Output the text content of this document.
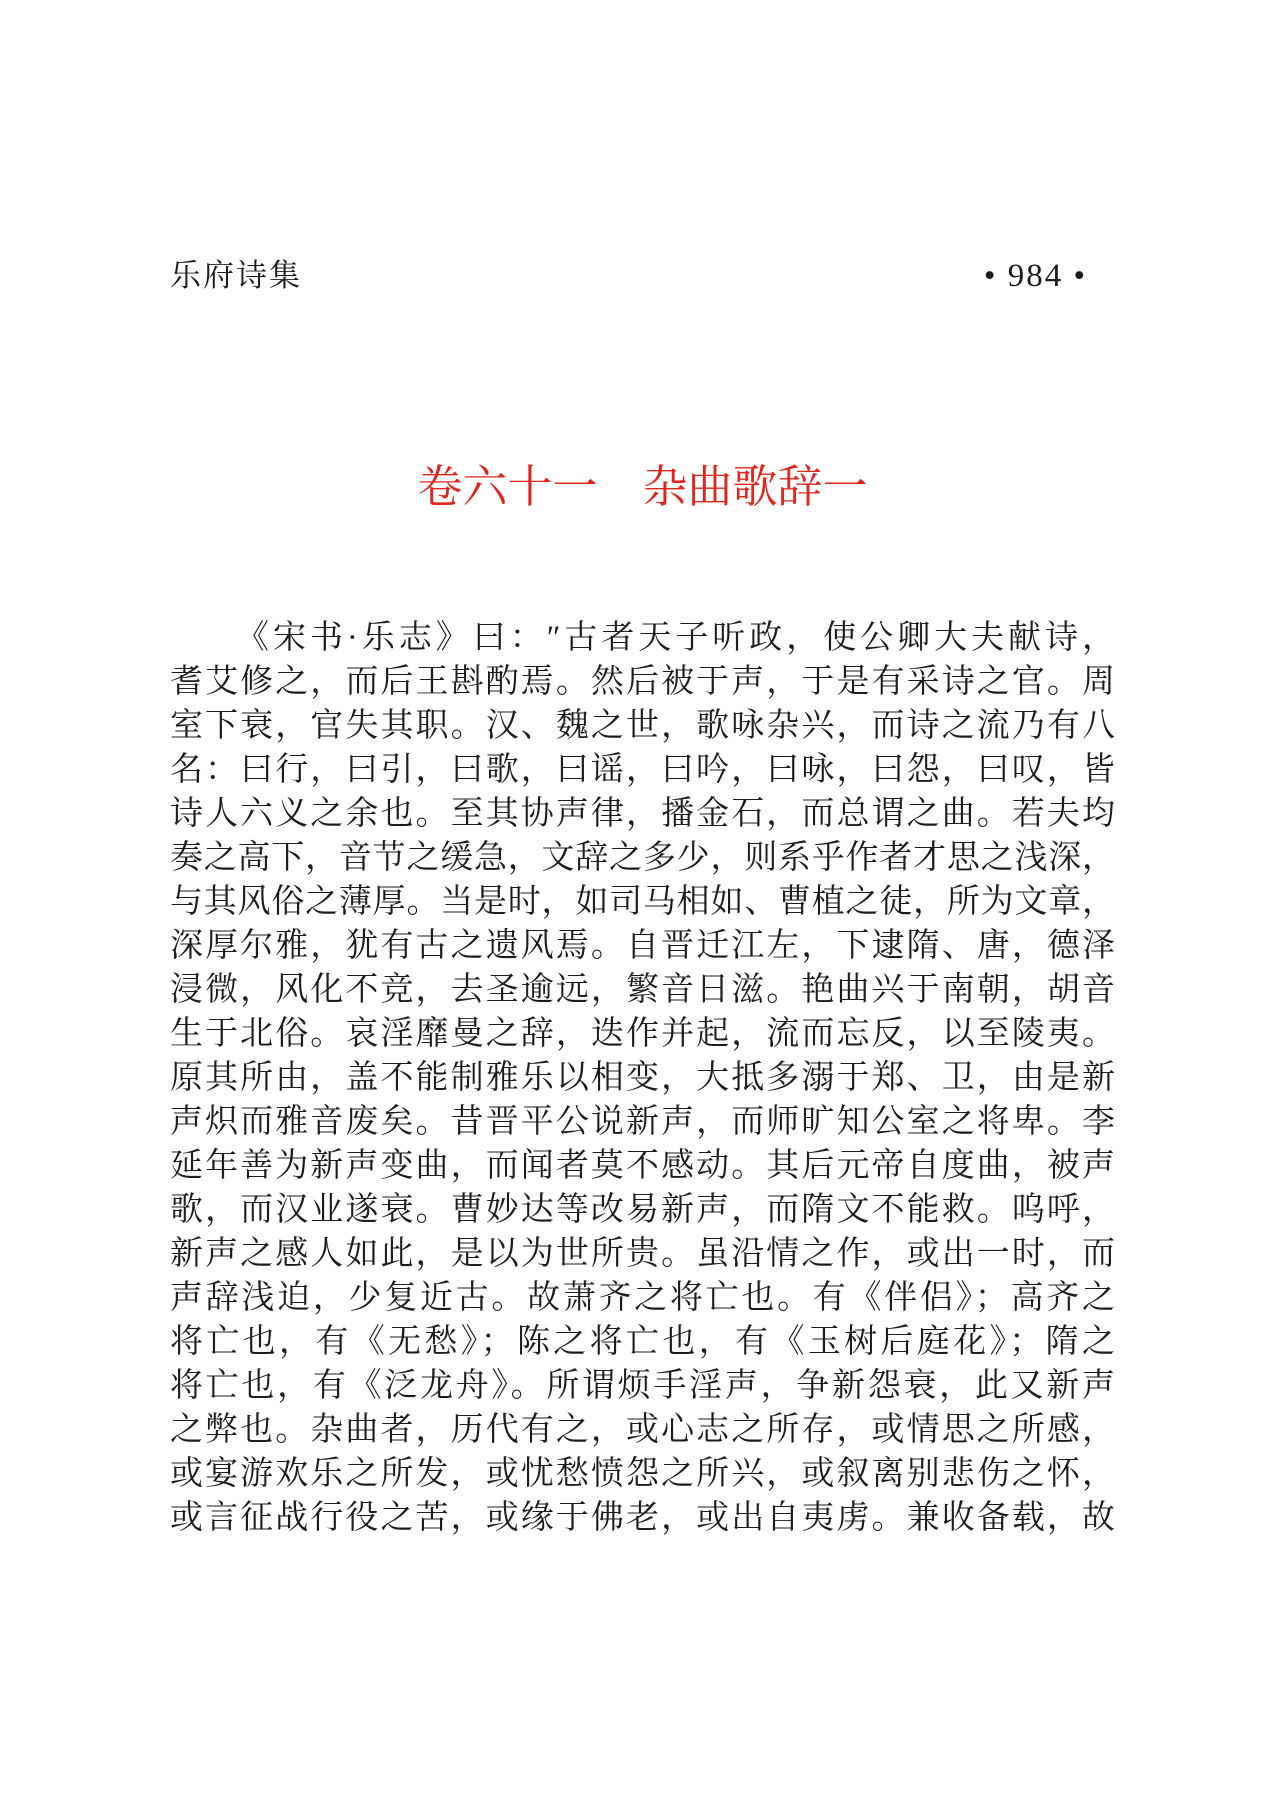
乐府诗集	• 984 •
卷六十一　杂曲歌辞一
《宋书·乐志》曰：″古者天子听政，使公卿大夫献诗，
耆艾修之，而后王斟酌焉。然后被于声，于是有采诗之官。周
室下衰，官失其职。汉、魏之世，歌咏杂兴，而诗之流乃有八
名：曰行，曰引，曰歌，曰谣，曰吟，曰咏，曰怨，曰叹，皆
诗人六义之余也。至其协声律，播金石，而总谓之曲。若夫均
奏之高下，音节之缓急，文辞之多少，则系乎作者才思之浅深，
与其风俗之薄厚。当是时，如司马相如、曹植之徒，所为文章，
深厚尔雅，犹有古之遗风焉。自晋迁江左，下逮隋、唐，德泽
浸微，风化不竞，去圣逾远，繁音日滋。艳曲兴于南朝，胡音
生于北俗。哀淫靡曼之辞，迭作并起，流而忘反，以至陵夷。
原其所由，盖不能制雅乐以相变，大抵多溺于郑、卫，由是新
声炽而雅音废矣。昔晋平公说新声，而师旷知公室之将卑。李
延年善为新声变曲，而闻者莫不感动。其后元帝自度曲，被声
歌，而汉业遂衰。曹妙达等改易新声，而隋文不能救。呜呼，
新声之感人如此，是以为世所贵。虽沿情之作，或出一时，而
声辞浅迫，少复近古。故萧齐之将亡也。有《伴侣》；高齐之
将亡也，有《无愁》；陈之将亡也，有《玉树后庭花》；隋之
将亡也，有《泛龙舟》。所谓烦手淫声，争新怨衰，此又新声
之弊也。杂曲者，历代有之，或心志之所存，或情思之所感，
或宴游欢乐之所发，或忧愁愤怨之所兴，或叙离别悲伤之怀，
或言征战行役之苦，或缘于佛老，或出自夷虏。兼收备载，故
